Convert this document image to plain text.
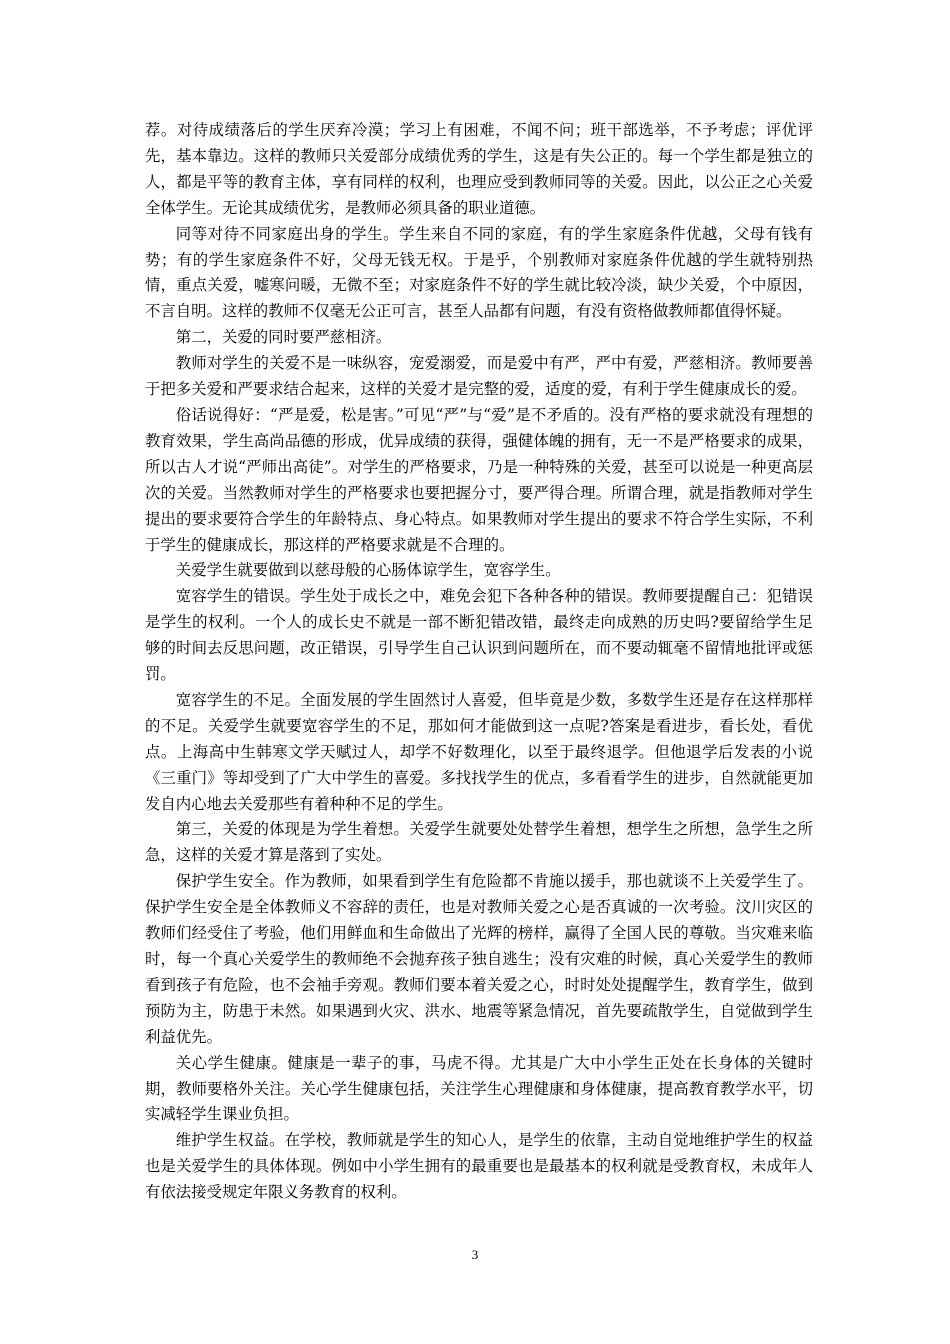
荐。对待成绩落后的学生厌弃冷漠；学习上有困难，不闻不问；班干部选举，不予考虑；评优评先，基本靠边。这样的教师只关爱部分成绩优秀的学生，这是有失公正的。每一个学生都是独立的人，都是平等的教育主体，享有同样的权利，也理应受到教师同等的关爱。因此，以公正之心关爱全体学生。无论其成绩优劣，是教师必须具备的职业道德。

同等对待不同家庭出身的学生。学生来自不同的家庭，有的学生家庭条件优越，父母有钱有势；有的学生家庭条件不好，父母无钱无权。于是乎，个别教师对家庭条件优越的学生就特别热情，重点关爱，嘘寒问暖，无微不至；对家庭条件不好的学生就比较冷淡，缺少关爱，个中原因，不言自明。这样的教师不仅毫无公正可言，甚至人品都有问题，有没有资格做教师都值得怀疑。

第二，关爱的同时要严慈相济。

教师对学生的关爱不是一味纵容，宠爱溺爱，而是爱中有严，严中有爱，严慈相济。教师要善于把多关爱和严要求结合起来，这样的关爱才是完整的爱，适度的爱，有利于学生健康成长的爱。

俗话说得好：“严是爱，松是害。”可见“严”与“爱”是不矛盾的。没有严格的要求就没有理想的教育效果，学生高尚品德的形成，优异成绩的获得，强健体魄的拥有，无一不是严格要求的成果，所以古人才说“严师出高徒”。对学生的严格要求，乃是一种特殊的关爱，甚至可以说是一种更高层次的关爱。当然教师对学生的严格要求也要把握分寸，要严得合理。所谓合理，就是指教师对学生提出的要求要符合学生的年龄特点、身心特点。如果教师对学生提出的要求不符合学生实际，不利于学生的健康成长，那这样的严格要求就是不合理的。

关爱学生就要做到以慈母般的心肠体谅学生，宽容学生。

宽容学生的错误。学生处于成长之中，难免会犯下各种各种的错误。教师要提醒自己：犯错误是学生的权利。一个人的成长史不就是一部不断犯错改错，最终走向成熟的历史吗?要留给学生足够的时间去反思问题，改正错误，引导学生自己认识到问题所在，而不要动辄毫不留情地批评或惩罚。

宽容学生的不足。全面发展的学生固然讨人喜爱，但毕竟是少数，多数学生还是存在这样那样的不足。关爱学生就要宽容学生的不足，那如何才能做到这一点呢?答案是看进步，看长处，看优点。上海高中生韩寒文学天赋过人，却学不好数理化，以至于最终退学。但他退学后发表的小说《三重门》等却受到了广大中学生的喜爱。多找找学生的优点，多看看学生的进步，自然就能更加发自内心地去关爱那些有着种种不足的学生。

第三，关爱的体现是为学生着想。关爱学生就要处处替学生着想，想学生之所想，急学生之所急，这样的关爱才算是落到了实处。

保护学生安全。作为教师，如果看到学生有危险都不肯施以援手，那也就谈不上关爱学生了。保护学生安全是全体教师义不容辞的责任，也是对教师关爱之心是否真诚的一次考验。汶川灾区的教师们经受住了考验，他们用鲜血和生命做出了光辉的榜样，赢得了全国人民的尊敬。当灾难来临时，每一个真心关爱学生的教师绝不会抛弃孩子独自逃生；没有灾难的时候，真心关爱学生的教师看到孩子有危险，也不会袖手旁观。教师们要本着关爱之心，时时处处提醒学生，教育学生，做到预防为主，防患于未然。如果遇到火灾、洪水、地震等紧急情况，首先要疏散学生，自觉做到学生利益优先。

关心学生健康。健康是一辈子的事，马虎不得。尤其是广大中小学生正处在长身体的关键时期，教师要格外关注。关心学生健康包括，关注学生心理健康和身体健康，提高教育教学水平，切实减轻学生课业负担。

维护学生权益。在学校，教师就是学生的知心人，是学生的依靠，主动自觉地维护学生的权益也是关爱学生的具体体现。例如中小学生拥有的最重要也是最基本的权利就是受教育权，未成年人有依法接受规定年限义务教育的权利。

3
